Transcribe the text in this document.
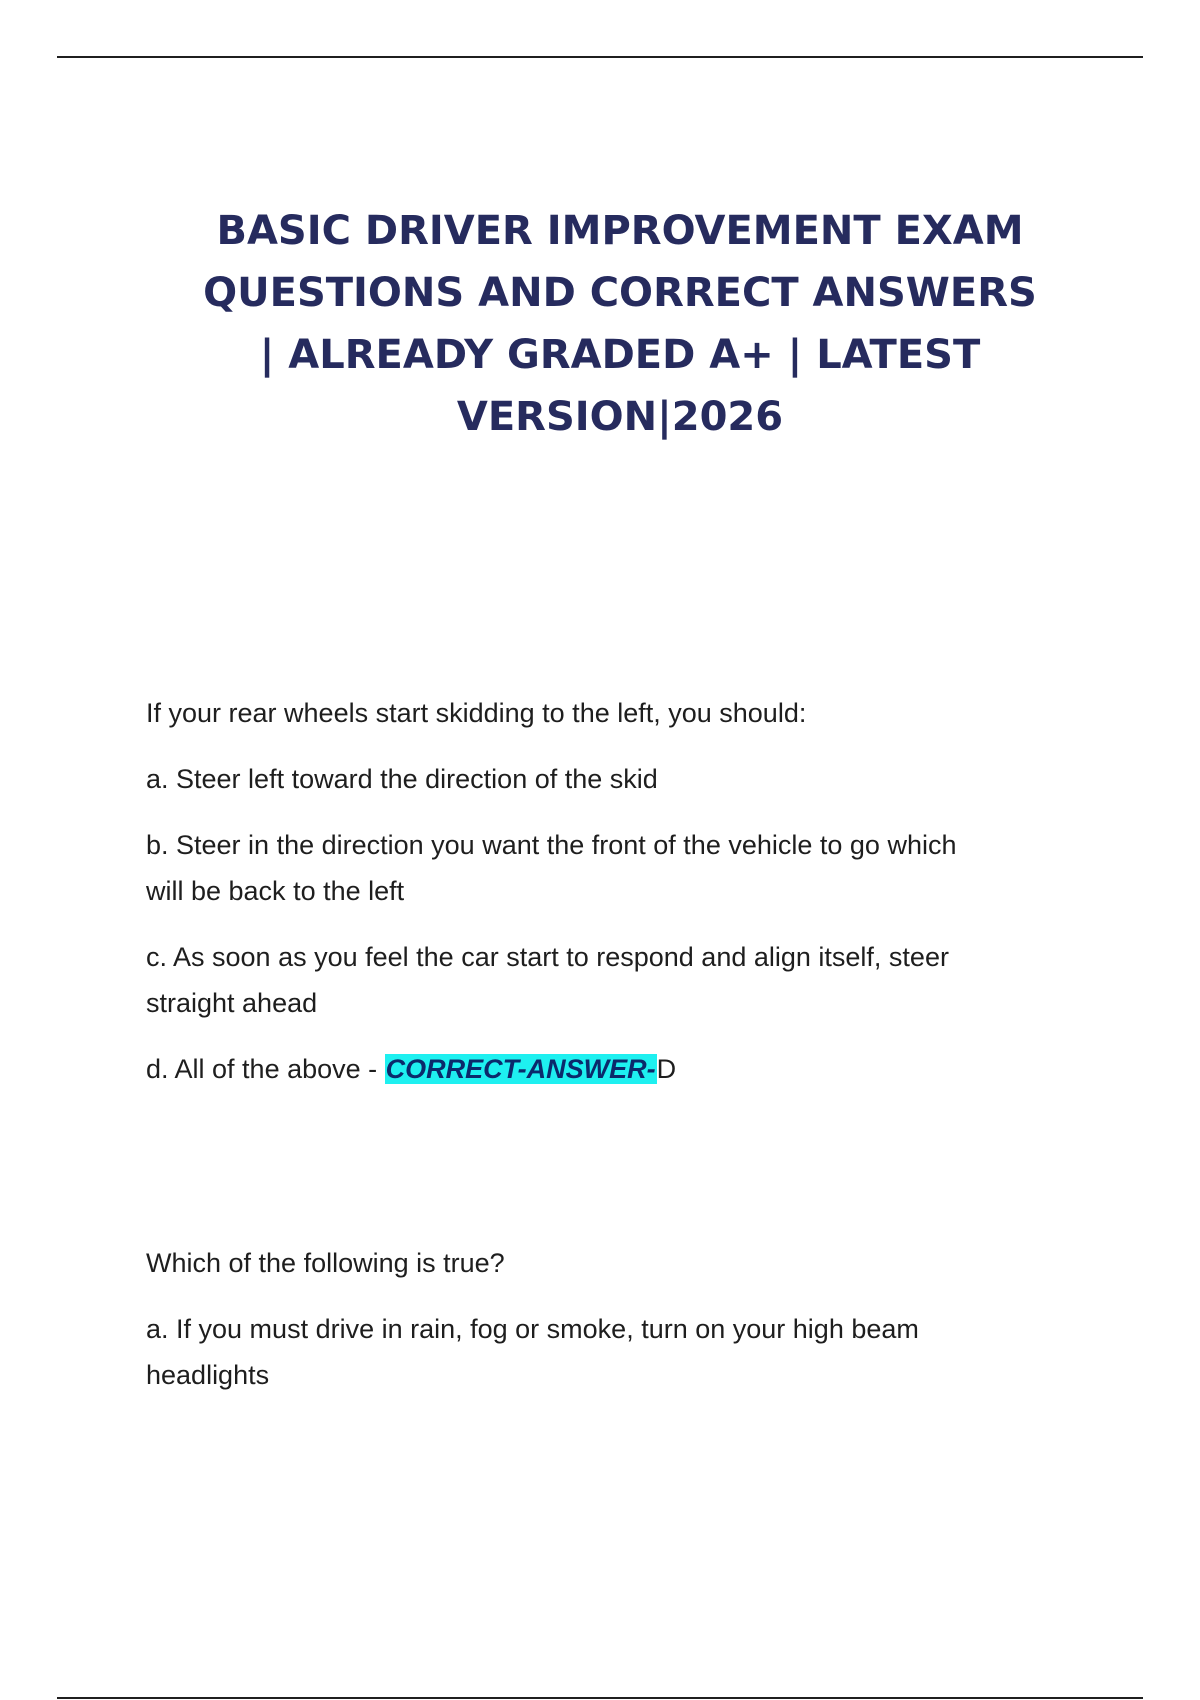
BASIC DRIVER IMPROVEMENT EXAM
QUESTIONS AND CORRECT ANSWERS
| ALREADY GRADED A+ | LATEST
VERSION|2026

If your rear wheels start skidding to the left, you should:

a. Steer left toward the direction of the skid

b. Steer in the direction you want the front of the vehicle to go which
will be back to the left

c. As soon as you feel the car start to respond and align itself, steer
straight ahead

d. All of the above - CORRECT-ANSWER-D

Which of the following is true?

a. If you must drive in rain, fog or smoke, turn on your high beam
headlights
